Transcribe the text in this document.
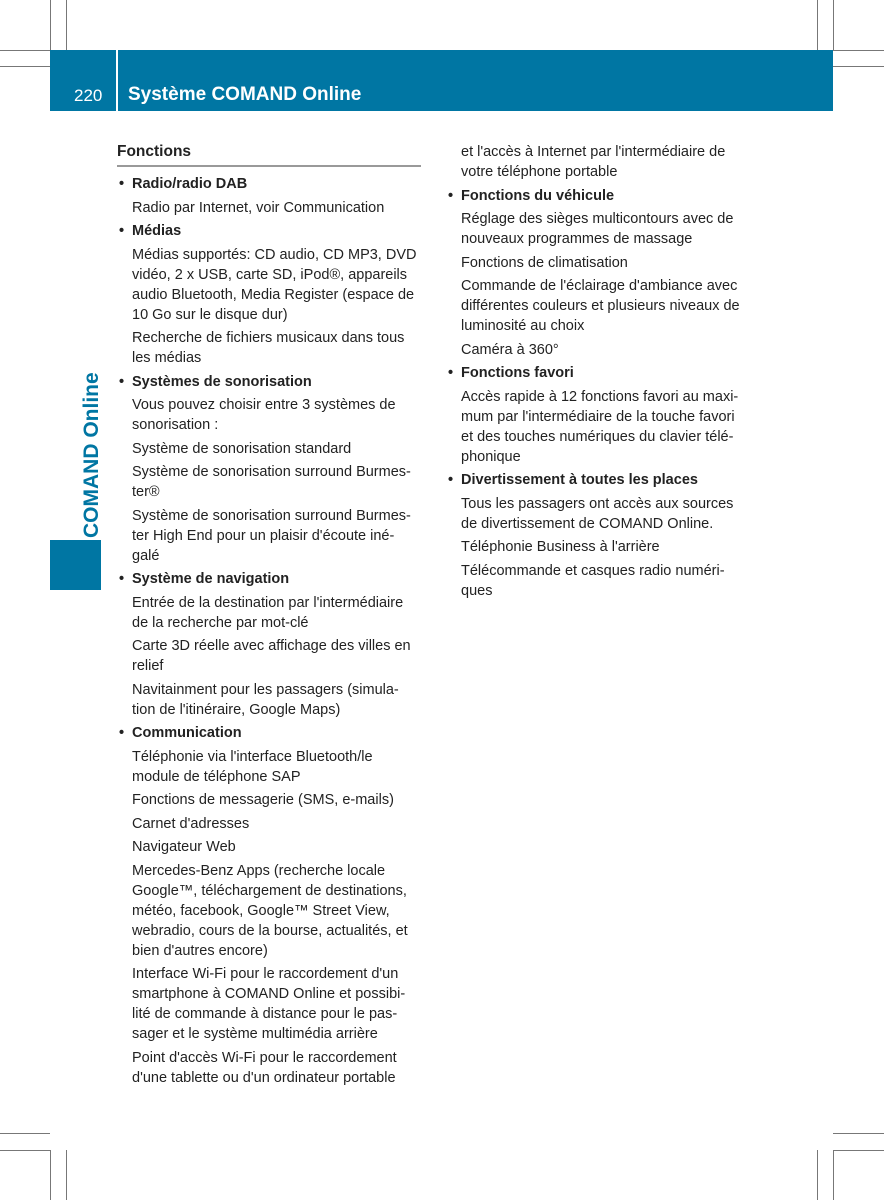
220 Système COMAND Online
COMAND Online
Fonctions
• Radio/radio DAB
Radio par Internet, voir Communication
• Médias
Médias supportés: CD audio, CD MP3, DVD
vidéo, 2 x USB, carte SD, iPod®, appareils
audio Bluetooth, Media Register (espace de
10 Go sur le disque dur)
Recherche de fichiers musicaux dans tous
les médias
• Systèmes de sonorisation
Vous pouvez choisir entre 3 systèmes de
sonorisation :
Système de sonorisation standard
Système de sonorisation surround Burmes-
ter®
Système de sonorisation surround Burmes-
ter High End pour un plaisir d'écoute iné-
galé
• Système de navigation
Entrée de la destination par l'intermédiaire
de la recherche par mot-clé
Carte 3D réelle avec affichage des villes en
relief
Navitainment pour les passagers (simula-
tion de l'itinéraire, Google Maps)
• Communication
Téléphonie via l'interface Bluetooth/le
module de téléphone SAP
Fonctions de messagerie (SMS, e-mails)
Carnet d'adresses
Navigateur Web
Mercedes-Benz Apps (recherche locale
Google™, téléchargement de destinations,
météo, facebook, Google™ Street View,
webradio, cours de la bourse, actualités, et
bien d'autres encore)
Interface Wi-Fi pour le raccordement d'un
smartphone à COMAND Online et possibi-
lité de commande à distance pour le pas-
sager et le système multimédia arrière
Point d'accès Wi-Fi pour le raccordement
d'une tablette ou d'un ordinateur portable
et l'accès à Internet par l'intermédiaire de
votre téléphone portable
• Fonctions du véhicule
Réglage des sièges multicontours avec de
nouveaux programmes de massage
Fonctions de climatisation
Commande de l'éclairage d'ambiance avec
différentes couleurs et plusieurs niveaux de
luminosité au choix
Caméra à 360°
• Fonctions favori
Accès rapide à 12 fonctions favori au maxi-
mum par l'intermédiaire de la touche favori
et des touches numériques du clavier télé-
phonique
• Divertissement à toutes les places
Tous les passagers ont accès aux sources
de divertissement de COMAND Online.
Téléphonie Business à l'arrière
Télécommande et casques radio numéri-
ques
